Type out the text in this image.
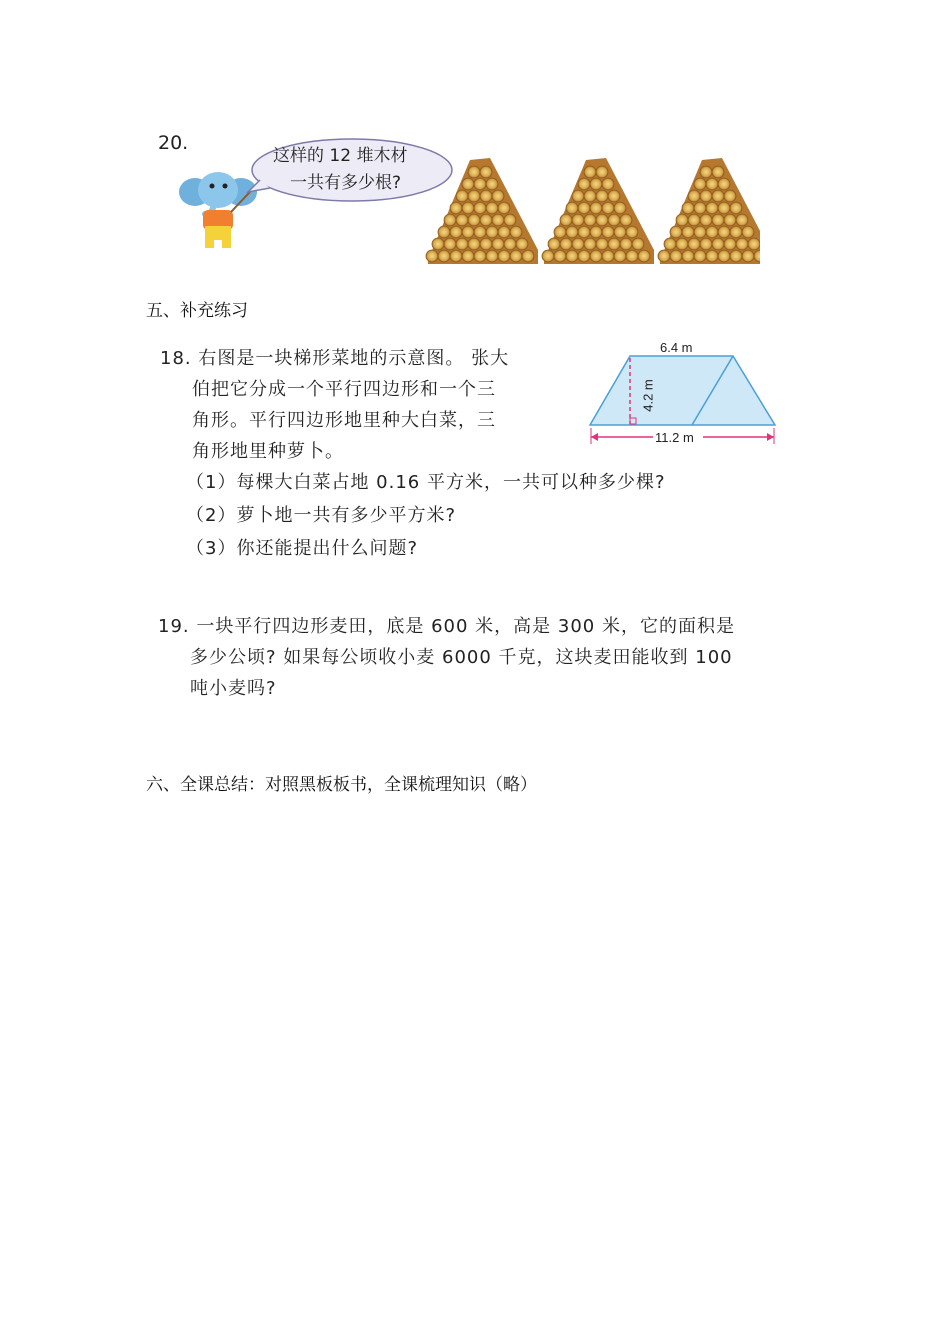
20.
这样的 12 堆木材
一共有多少根?
五、补充练习
18. 右图是一块梯形菜地的示意图。 张大
伯把它分成一个平行四边形和一个三
角形。平行四边形地里种大白菜，三
角形地里种萝卜。
6.4 m
4.2 m
11.2 m
（1）每棵大白菜占地 0.16 平方米，一共可以种多少棵?
（2）萝卜地一共有多少平方米?
（3）你还能提出什么问题?
19. 一块平行四边形麦田，底是 600 米，高是 300 米，它的面积是
多少公顷? 如果每公顷收小麦 6000 千克，这块麦田能收到 100
吨小麦吗?
六、全课总结：对照黑板板书，全课梳理知识（略）
